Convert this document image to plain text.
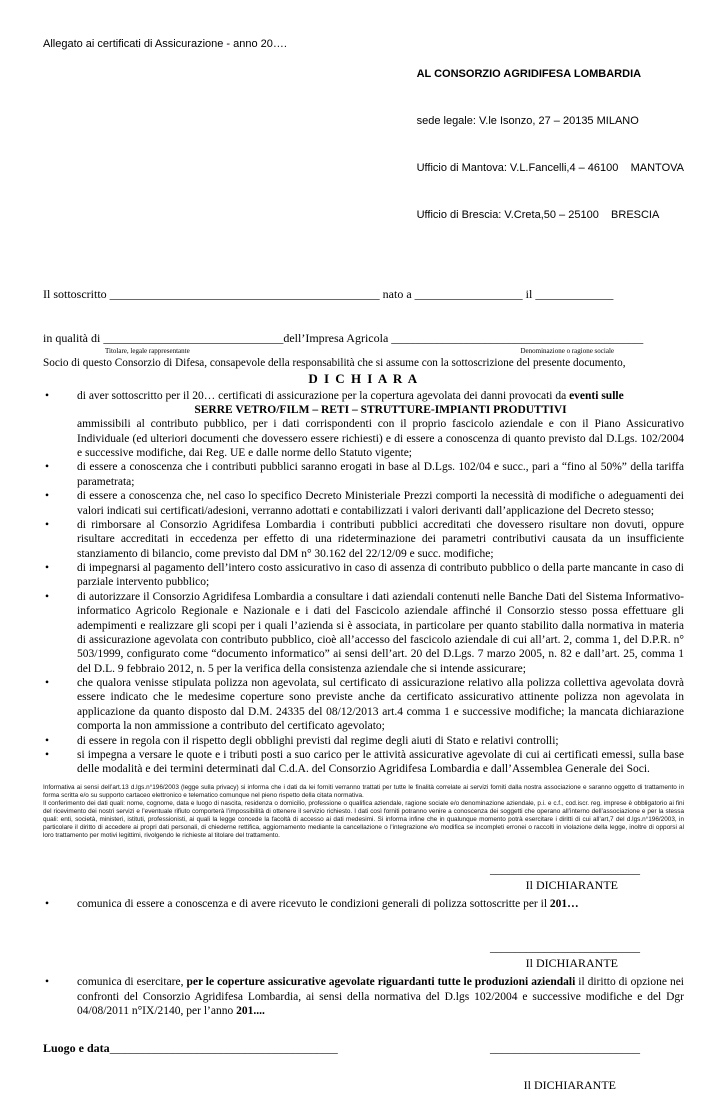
Allegato ai certificati di Assicurazione - anno 20….

AL CONSORZIO AGRIDIFESA LOMBARDIA

sede legale: V.le Isonzo, 27 – 20135 MILANO

Ufficio di Mantova: V.L.Fancelli,4 – 46100    MANTOVA

Ufficio di Brescia: V.Creta,50 – 25100    BRESCIA

Il sottoscritto _____________________________________________ nato a __________________ il _____________
in qualità di ______________________________dell’Impresa Agricola __________________________________________
Titolare, legale rappresentante	Denominazione o ragione sociale
Socio di questo Consorzio di Difesa, consapevole della responsabilità che si assume con la sottoscrizione del presente documento,
D I C H I A R A
• di aver sottoscritto per il 20… certificati di assicurazione per la copertura agevolata dei danni provocati da eventi sulle
SERRE VETRO/FILM – RETI – STRUTTURE-IMPIANTI PRODUTTIVI
ammissibili al contributo pubblico, per i dati corrispondenti con il proprio fascicolo aziendale e con il Piano Assicurativo Individuale (ed ulteriori documenti che dovessero essere richiesti) e di essere a conoscenza di quanto previsto dal D.Lgs. 102/2004 e successive modifiche, dai Reg. UE e dalle norme dello Statuto vigente;
• di essere a conoscenza che i contributi pubblici saranno erogati in base al D.Lgs. 102/04 e succ., pari a “fino al 50%” della tariffa parametrata;
• di essere a conoscenza che, nel caso lo specifico Decreto Ministeriale Prezzi comporti la necessità di modifiche o adeguamenti dei valori indicati sui certificati/adesioni, verranno adottati e contabilizzati i valori derivanti dall’applicazione del Decreto stesso;
• di rimborsare al Consorzio Agridifesa Lombardia i contributi pubblici accreditati che dovessero risultare non dovuti, oppure risultare accreditati in eccedenza per effetto di una rideterminazione dei parametri contributivi causata da un insufficiente stanziamento di bilancio, come previsto dal DM n° 30.162 del 22/12/09 e succ. modifiche;
• di impegnarsi al pagamento dell’intero costo assicurativo in caso di assenza di contributo pubblico o della parte mancante in caso di parziale intervento pubblico;
• di autorizzare il Consorzio Agridifesa Lombardia a consultare i dati aziendali contenuti nelle Banche Dati del Sistema Informativo-informatico Agricolo Regionale e Nazionale e i dati del Fascicolo aziendale affinché il Consorzio stesso possa effettuare gli adempimenti e realizzare gli scopi per i quali l’azienda si è associata, in particolare per quanto stabilito dalla normativa in materia di assicurazione agevolata con contributo pubblico, cioè all’accesso del fascicolo aziendale di cui all’art. 2, comma 1, del D.P.R. n° 503/1999, configurato come “documento informatico” ai sensi dell’art. 20 del D.Lgs. 7 marzo 2005, n. 82 e dall’art. 25, comma 1 del D.L. 9 febbraio 2012, n. 5 per la verifica della consistenza aziendale che si intende assicurare;
• che qualora venisse stipulata polizza non agevolata, sul certificato di assicurazione relativo alla polizza collettiva agevolata dovrà essere indicato che le medesime coperture sono previste anche da certificato assicurativo attinente polizza non agevolata in applicazione da quanto disposto dal D.M. 24335 del 08/12/2013 art.4 comma 1 e successive modifiche; la mancata dichiarazione comporta la non ammissione a contributo del certificato agevolato;
• di essere in regola con il rispetto degli obblighi previsti dal regime degli aiuti di Stato e relativi controlli;
• si impegna a versare le quote e i tributi posti a suo carico per le attività assicurative agevolate di cui ai certificati emessi, sulla base delle modalità e dei termini determinati dal C.d.A. del Consorzio Agridifesa Lombardia e dall’Assemblea Generale dei Soci.
Informativa ai sensi dell’art.13 d.lgs.n°196/2003 (legge sulla privacy) si informa che i dati da lei forniti verranno trattati per tutte le finalità correlate ai servizi forniti dalla nostra associazione e saranno oggetto di trattamento in forma scritta e/o su supporto cartaceo elettronico e telematico comunque nel pieno rispetto della citata normativa.
Il conferimento dei dati quali: nome, cognome, data e luogo di nascita, residenza o domicilio, professione o qualifica aziendale, ragione sociale e/o denominazione aziendale, p.i. e c.f., cod.iscr. reg. imprese è obbligatorio ai fini del ricevimento dei nostri servizi e l’eventuale rifiuto comporterà l’impossibilità di ottenere il servizio richiesto. I dati così forniti potranno venire a conoscenza dei soggetti che operano all’interno dell’associazione e per la stessa quali: enti, società, ministeri, istituti, professionisti, ai quali la legge concede la facoltà di accesso ai dati medesimi. Si informa infine che in qualunque momento potrà esercitare i diritti di cui all’art,7 del d.lgs.n°196/2003, in particolare il diritto di accedere ai propri dati personali, di chiederne rettifica, aggiornamento mediante la cancellazione o l’integrazione e/o modifica se incompleti erronei o raccolti in violazione della legge, inoltre di opporsi al loro trattamento per motivi legittimi, rivolgendo le richieste al titolare del trattamento.
_________________________
Il DICHIARANTE
• comunica di essere a conoscenza e di avere ricevuto le condizioni generali di polizza sottoscritte per il 201…
_________________________
Il DICHIARANTE
• comunica di esercitare, per le coperture assicurative agevolate riguardanti tutte le produzioni aziendali il diritto di opzione nei confronti del Consorzio Agridifesa Lombardia, ai sensi della normativa del D.lgs 102/2004 e successive modifiche e del Dgr 04/08/2011 n°IX/2140, per l’anno 201....
Luogo e data______________________________________	_________________________
Il DICHIARANTE
